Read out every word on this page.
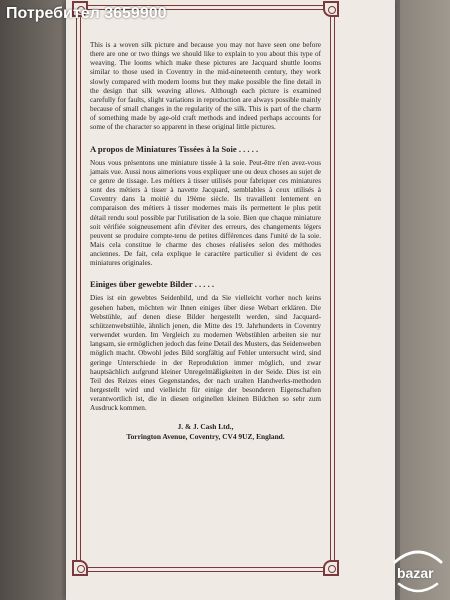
This is a woven silk picture and because you may not have seen one before there are one or two things we should like to explain to you about this type of weaving. The looms which make these pictures are Jacquard shuttle looms similar to those used in Coventry in the mid-nineteenth century, they work slowly compared with modern looms but they make possible the fine detail in the design that silk weaving allows. Although each picture is examined carefully for faults, slight variations in reproduction are always possible mainly because of small changes in the regularity of the silk. This is part of the charm of something made by age-old craft methods and indeed perhaps accounts for some of the character so apparent in these original little pictures.

A propos de Miniatures Tissées à la Soie . . . . .

Nous vous présentons une miniature tissée à la soie. Peut-être n'en avez-vous jamais vue. Aussi nous aimerions vous expliquer une ou deux choses au sujet de ce genre de tissage. Les métiers à tisser utilisés pour fabriquer ces miniatures sont des métiers à tisser à navette Jacquard, semblables à ceux utilisés à Coventry dans la moitié du 19ème siècle. Ils travaillent lentement en comparaison des métiers à tisser modernes mais ils permettent le plus petit détail rendu soul possible par l'utilisation de la soie. Bien que chaque miniature soit vérifiée soigneusement afin d'éviter des erreurs, des changements légers peuvent se produire compte-tenu de petites différences dans l'unité de la soie. Mais cela constitue le charme des choses réalisées selon des méthodes anciennes. De fait, cela explique le caractère particulier si évident de ces miniatures originales.

Einiges über gewebte Bilder . . . . .

Dies ist ein gewebtes Seidenbild, und da Sie vielleicht vorher noch keins gesehen haben, möchten wir Ihnen einiges über diese Webart erklären. Die Webstühle, auf denen diese Bilder hergestellt werden, sind Jacquard-schützenwebstühle, ähnlich jenen, die Mitte des 19. Jahrhunderts in Coventry verwendet wurden. Im Vergleich zu modernen Webstühlen arbeiten sie nur langsam, sie ermöglichen jedoch das feine Detail des Musters, das Seidenweben möglich macht. Obwohl jedes Bild sorgfältig auf Fehler untersucht wird, sind geringe Unterschiede in der Reproduktion immer möglich, und zwar hauptsächlich aufgrund kleiner Unregelmäßigkeiten in der Seide. Dies ist ein Teil des Reizes eines Gegenstandes, der nach uralten Handwerks-methoden hergestellt wird und vielleicht für einige der besonderen Eigenschaften verantwortlich ist, die in diesen originellen kleinen Bildchen so sehr zum Ausdruck kommen.

J. & J. Cash Ltd.,
Torrington Avenue, Coventry, CV4 9UZ, England.
Потребител 3659900
bazar
